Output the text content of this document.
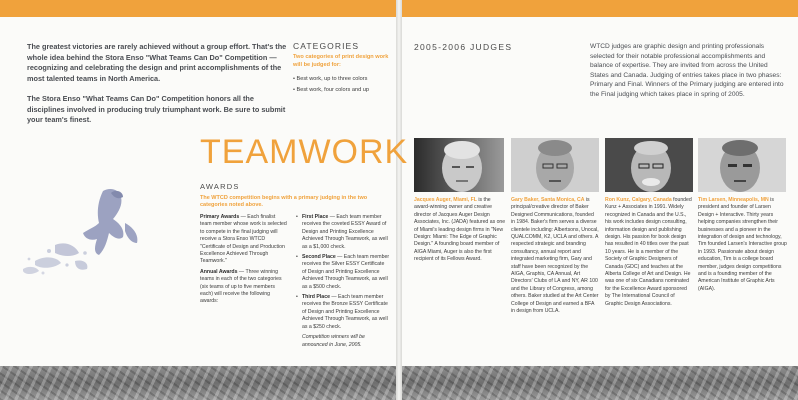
The greatest victories are rarely achieved without a group effort. That's the whole idea behind the Stora Enso "What Teams Can Do" Competition — recognizing and celebrating the design and print accomplishments of the most talented teams in North America.

The Stora Enso "What Teams Can Do" Competition honors all the disciplines involved in producing truly triumphant work. Be sure to submit your team's finest.

CATEGORIES
Two categories of print design work will be judged for:
• Best work, up to three colors
• Best work, four colors and up
TEAMWORK
AWARDS
The WTCD competition begins with a primary judging in the two categories noted above.

Primary Awards — Each finalist team member whose work is selected to compete in the final judging will receive a Stora Enso WTCD "Certificate of Design and Production Excellence Achieved Through Teamwork."

Annual Awards — Three winning teams in each of the two categories (six teams of up to five members each) will receive the following awards:

• First Place — Each team member receives the coveted ESSY Award of Design and Printing Excellence Achieved Through Teamwork, as well as a $1,000 check.
• Second Place — Each team member receives the Silver ESSY Certificate of Design and Printing Excellence Achieved Through Teamwork, as well as a $500 check.
• Third Place — Each team member receives the Bronze ESSY Certificate of Design and Printing Excellence Achieved Through Teamwork, as well as a $250 check.

Competition winners will be announced in June, 2005.

2005-2006 JUDGES	WTCD judges are graphic design and printing professionals selected for their notable professional accomplishments and balance of expertise. They are invited from across the United States and Canada. Judging of entries takes place in two phases: Primary and Final. Winners of the Primary judging are entered into the Final judging which takes place in spring of 2005.
Jacques Auger, Miami, FL is the award-winning owner and creative director of Jacques Auger Design Associates, Inc. (JADA) featured as one of Miami's leading design firms in "New Design: Miami: The Edge of Graphic Design." A founding board member of AIGA Miami, Auger is also the first recipient of its Fellows Award.
Gary Baker, Santa Monica, CA is principal/creative director of Baker Designed Communications, founded in 1984. Baker's firm serves a diverse clientele including: Albertsons, Unocal, QUALCOMM, K2, UCLA and others. A respected strategic and branding consultancy, annual report and integrated marketing firm, Gary and staff have been recognized by the AIGA, Graphis, CA Annual, Art Directors' Clubs of LA and NY, AR 100 and the Library of Congress, among others. Baker studied at the Art Center College of Design and earned a BFA in design from UCLA.
Ron Kunz, Calgary, Canada founded Kunz + Associates in 1991. Widely recognized in Canada and the U.S., his work includes design consulting, information design and publishing design. His passion for book design has resulted in 40 titles over the past 10 years. He is a member of the Society of Graphic Designers of Canada (GDC) and teaches at the Alberta College of Art and Design. He was one of six Canadians nominated for the Excellence Award sponsored by The International Council of Graphic Design Associations.
Tim Larsen, Minneapolis, MN is president and founder of Larsen Design + Interactive. Thirty years helping companies strengthen their businesses and a pioneer in the integration of design and technology, Tim founded Larsen's Interactive group in 1993. Passionate about design education, Tim is a college board member, judges design competitions and is a founding member of the American Institute of Graphic Arts (AIGA).
